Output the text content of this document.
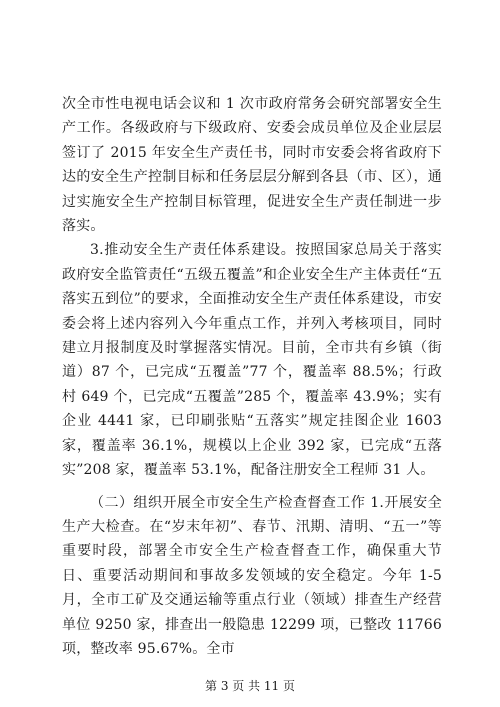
次全市性电视电话会议和 1 次市政府常务会研究部署安全生产工作。各级政府与下级政府、安委会成员单位及企业层层签订了 2015 年安全生产责任书，同时市安委会将省政府下达的安全生产控制目标和任务层层分解到各县（市、区），通过实施安全生产控制目标管理，促进安全生产责任制进一步落实。

3.推动安全生产责任体系建设。按照国家总局关于落实政府安全监管责任“五级五覆盖”和企业安全生产主体责任“五落实五到位”的要求，全面推动安全生产责任体系建设，市安委会将上述内容列入今年重点工作，并列入考核项目，同时建立月报制度及时掌握落实情况。目前，全市共有乡镇（街道）87 个，已完成“五覆盖”77 个，覆盖率 88.5%；行政村 649 个，已完成“五覆盖”285 个，覆盖率 43.9%；实有企业 4441 家，已印刷张贴“五落实”规定挂图企业 1603 家，覆盖率 36.1%，规模以上企业 392 家，已完成“五落实”208 家，覆盖率 53.1%，配备注册安全工程师 31 人。

（二）组织开展全市安全生产检查督查工作 1.开展安全生产大检查。在“岁末年初”、春节、汛期、清明、“五一”等重要时段，部署全市安全生产检查督查工作，确保重大节日、重要活动期间和事故多发领域的安全稳定。今年 1-5 月，全市工矿及交通运输等重点行业（领域）排查生产经营单位 9250 家，排查出一般隐患 12299 项，已整改 11766 项，整改率 95.67%。全市

第 3 页 共 11 页
